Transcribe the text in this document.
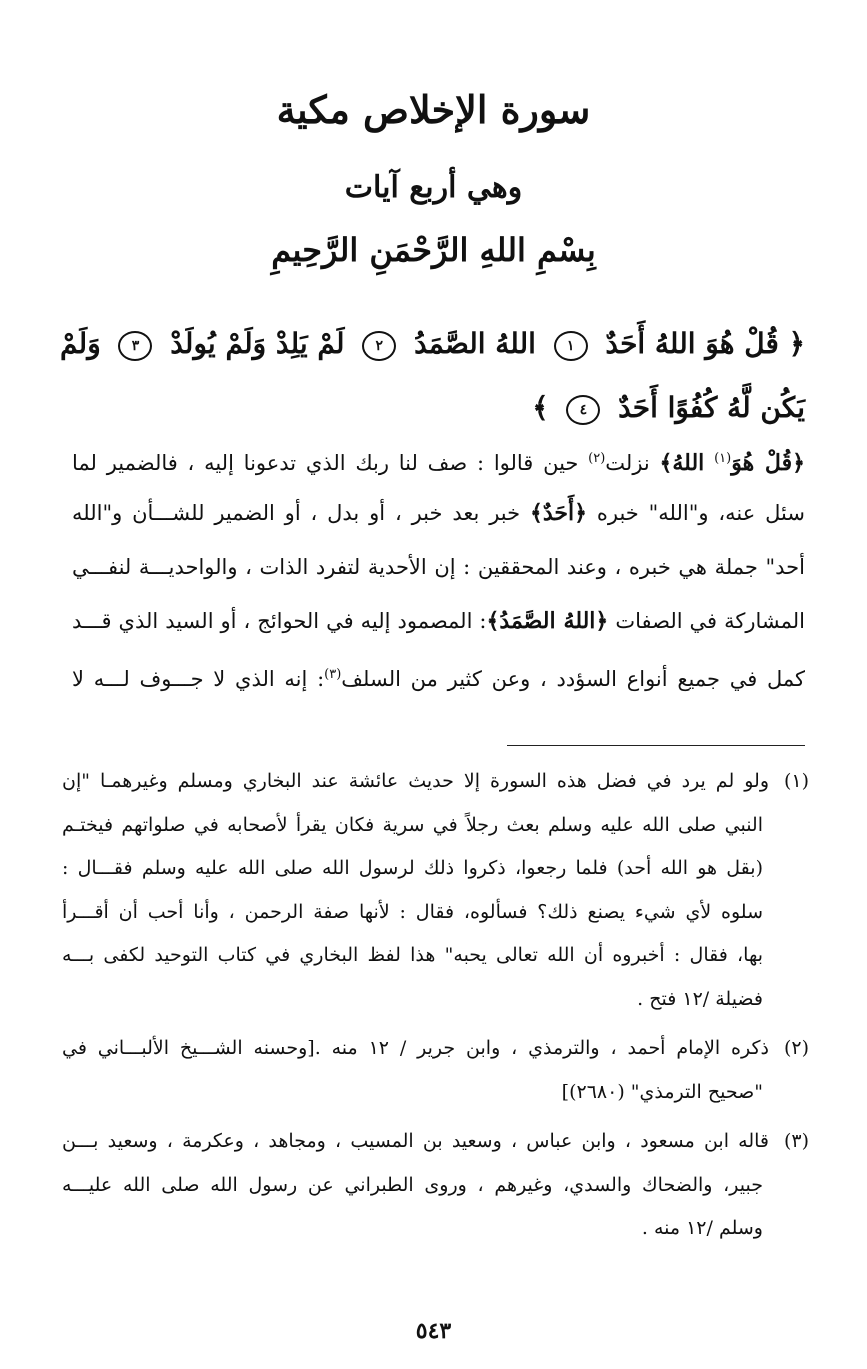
سورة الإخلاص مكية
وهي أربع آيات
بِسْمِ اللهِ الرَّحْمَنِ الرَّحِيمِ
﴿ قُلْ هُوَ اللهُ أَحَدٌ ١ اللهُ الصَّمَدُ ٢ لَمْ يَلِدْ وَلَمْ يُولَدْ ٣ وَلَمْ
يَكُن لَّهُ كُفُوًا أَحَدٌ ٤ ﴾
﴿قُلْ هُوَ$^{(١)}$ اللهُ﴾ نزلت$^{(٢)}$ حين قالوا : صف لنا ربك الذي تدعونا إليه ، فالضمير لما
سئل عنه، و"الله" خبره ﴿أَحَدٌ﴾ خبر بعد خبر ، أو بدل ، أو الضمير للشـــأن و"الله
أحد" جملة هي خبره ، وعند المحققين : إن الأحدية لتفرد الذات ، والواحديـــة لنفـــي
المشاركة في الصفات ﴿اللهُ الصَّمَدُ﴾: المصمود إليه في الحوائج ، أو السيد الذي قـــد
كمل في جميع أنواع السؤدد ، وعن كثير من السلف$^{(٣)}$: إنه الذي لا جـــوف لـــه لا
(١)ولو لم يرد في فضل هذه السورة إلا حديث عائشة عند البخاري ومسلم وغيرهمـا "إن
النبي صلى الله عليه وسلم بعث رجلاً في سرية فكان يقرأ لأصحابه في صلواتهم فيختـم
(بقل هو الله أحد) فلما رجعوا، ذكروا ذلك لرسول الله صلى الله عليه وسلم فقـــال :
سلوه لأي شيء يصنع ذلك؟ فسألوه، فقال : لأنها صفة الرحمن ، وأنا أحب أن أقـــرأ
بها، فقال : أخبروه أن الله تعالى يحبه" هذا لفظ البخاري في كتاب التوحيد لكفى بـــه
فضيلة /١٢ فتح .
(٢)ذكره الإمام أحمد ، والترمذي ، وابن جرير / ١٢ منه .[وحسنه الشـــيخ الألبـــاني في
"صحيح الترمذي" (٢٦٨٠)]
(٣)قاله ابن مسعود ، وابن عباس ، وسعيد بن المسيب ، ومجاهد ، وعكرمة ، وسعيد بـــن
جبير، والضحاك والسدي، وغيرهم ، وروى الطبراني عن رسول الله صلى الله عليـــه
وسلم /١٢ منه .
٥٤٣
